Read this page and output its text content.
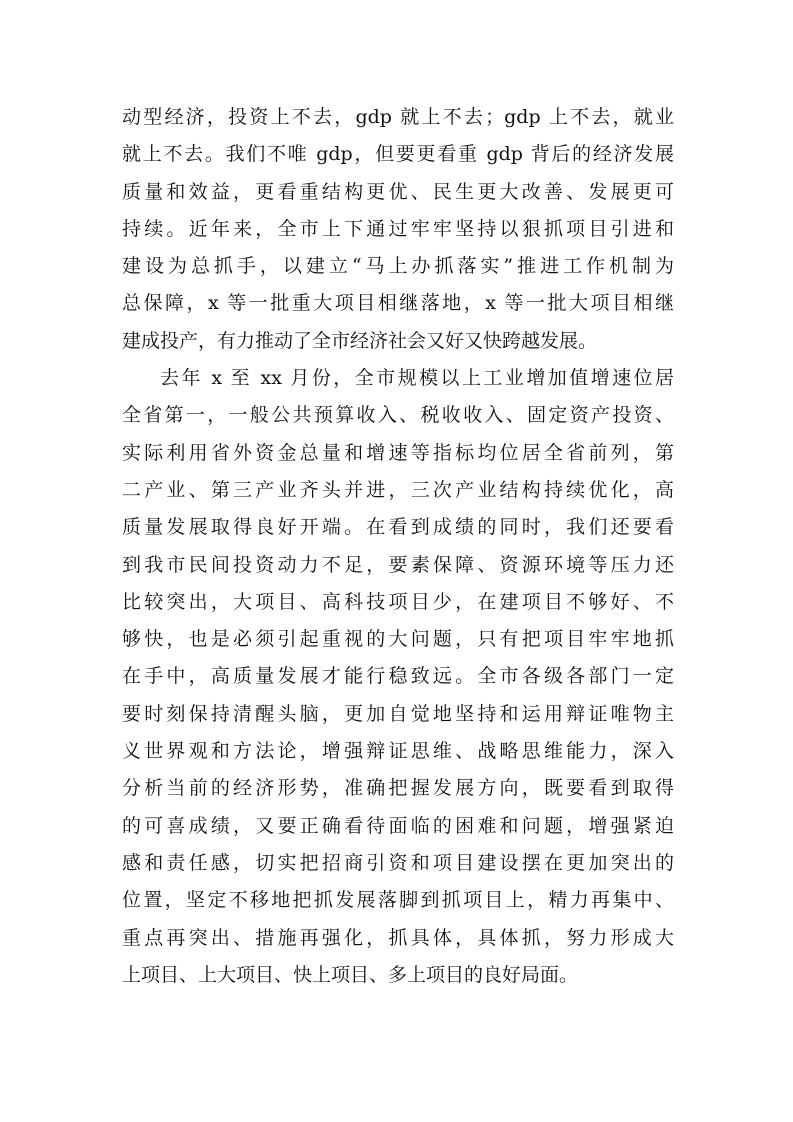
动型经济，投资上不去，gdp 就上不去；gdp 上不去，就业
就上不去。我们不唯 gdp，但要更看重 gdp 背后的经济发展
质量和效益，更看重结构更优、民生更大改善、发展更可
持续。近年来，全市上下通过牢牢坚持以狠抓项目引进和
建设为总抓手，以建立“马上办抓落实”推进工作机制为
总保障，x 等一批重大项目相继落地，x 等一批大项目相继
建成投产，有力推动了全市经济社会又好又快跨越发展。
去年 x 至 xx 月份，全市规模以上工业增加值增速位居
全省第一，一般公共预算收入、税收收入、固定资产投资、
实际利用省外资金总量和增速等指标均位居全省前列，第
二产业、第三产业齐头并进，三次产业结构持续优化，高
质量发展取得良好开端。在看到成绩的同时，我们还要看
到我市民间投资动力不足，要素保障、资源环境等压力还
比较突出，大项目、高科技项目少，在建项目不够好、不
够快，也是必须引起重视的大问题，只有把项目牢牢地抓
在手中，高质量发展才能行稳致远。全市各级各部门一定
要时刻保持清醒头脑，更加自觉地坚持和运用辩证唯物主
义世界观和方法论，增强辩证思维、战略思维能力，深入
分析当前的经济形势，准确把握发展方向，既要看到取得
的可喜成绩，又要正确看待面临的困难和问题，增强紧迫
感和责任感，切实把招商引资和项目建设摆在更加突出的
位置，坚定不移地把抓发展落脚到抓项目上，精力再集中、
重点再突出、措施再强化，抓具体，具体抓，努力形成大
上项目、上大项目、快上项目、多上项目的良好局面。
